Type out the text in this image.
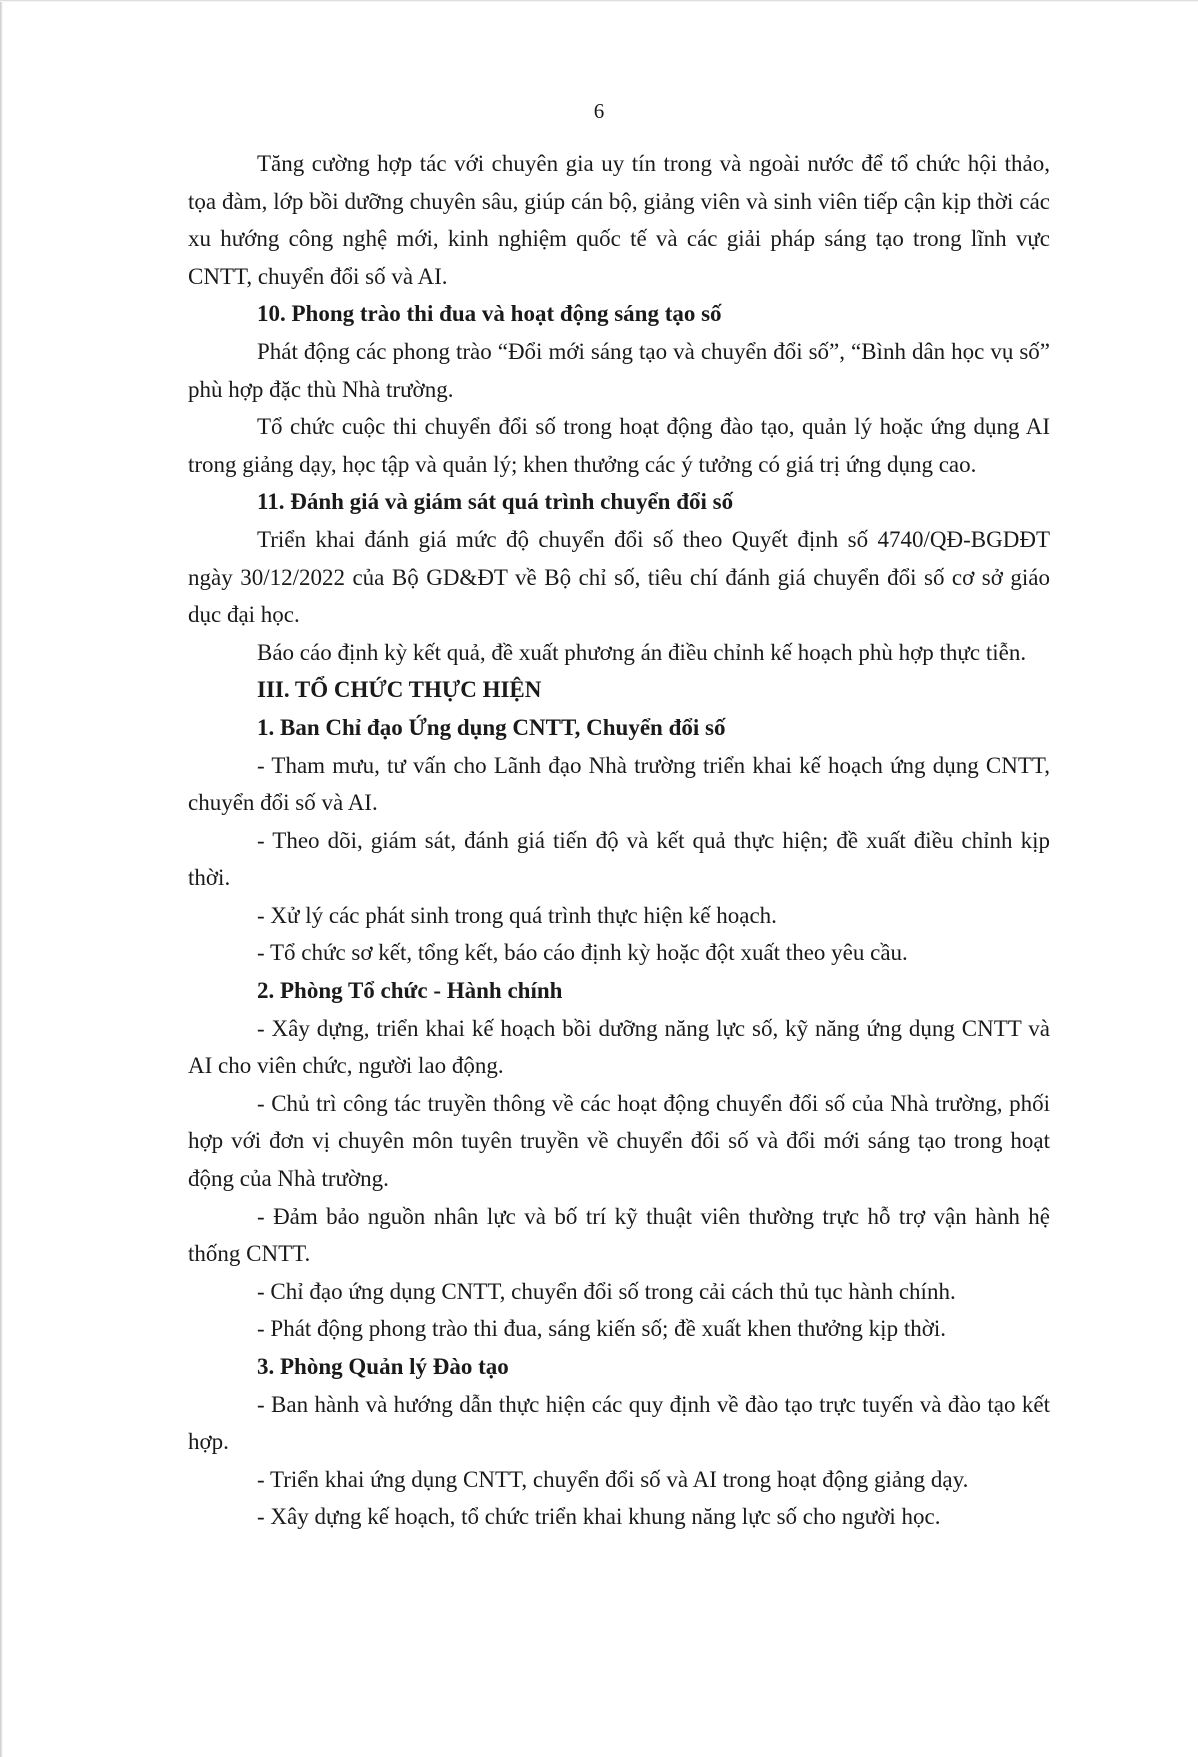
6

Tăng cường hợp tác với chuyên gia uy tín trong và ngoài nước để tổ chức hội thảo, tọa đàm, lớp bồi dưỡng chuyên sâu, giúp cán bộ, giảng viên và sinh viên tiếp cận kịp thời các xu hướng công nghệ mới, kinh nghiệm quốc tế và các giải pháp sáng tạo trong lĩnh vực CNTT, chuyển đổi số và AI.

10. Phong trào thi đua và hoạt động sáng tạo số

Phát động các phong trào “Đổi mới sáng tạo và chuyển đổi số”, “Bình dân học vụ số” phù hợp đặc thù Nhà trường.

Tổ chức cuộc thi chuyển đổi số trong hoạt động đào tạo, quản lý hoặc ứng dụng AI trong giảng dạy, học tập và quản lý; khen thưởng các ý tưởng có giá trị ứng dụng cao.

11. Đánh giá và giám sát quá trình chuyển đổi số

Triển khai đánh giá mức độ chuyển đổi số theo Quyết định số 4740/QĐ-BGDĐT ngày 30/12/2022 của Bộ GD&ĐT về Bộ chỉ số, tiêu chí đánh giá chuyển đổi số cơ sở giáo dục đại học.

Báo cáo định kỳ kết quả, đề xuất phương án điều chỉnh kế hoạch phù hợp thực tiễn.

III. TỔ CHỨC THỰC HIỆN

1. Ban Chỉ đạo Ứng dụng CNTT, Chuyển đổi số

- Tham mưu, tư vấn cho Lãnh đạo Nhà trường triển khai kế hoạch ứng dụng CNTT, chuyển đổi số và AI.

- Theo dõi, giám sát, đánh giá tiến độ và kết quả thực hiện; đề xuất điều chỉnh kịp thời.

- Xử lý các phát sinh trong quá trình thực hiện kế hoạch.

- Tổ chức sơ kết, tổng kết, báo cáo định kỳ hoặc đột xuất theo yêu cầu.

2. Phòng Tổ chức - Hành chính

- Xây dựng, triển khai kế hoạch bồi dưỡng năng lực số, kỹ năng ứng dụng CNTT và AI cho viên chức, người lao động.

- Chủ trì công tác truyền thông về các hoạt động chuyển đổi số của Nhà trường, phối hợp với đơn vị chuyên môn tuyên truyền về chuyển đổi số và đổi mới sáng tạo trong hoạt động của Nhà trường.

- Đảm bảo nguồn nhân lực và bố trí kỹ thuật viên thường trực hỗ trợ vận hành hệ thống CNTT.

- Chỉ đạo ứng dụng CNTT, chuyển đổi số trong cải cách thủ tục hành chính.

- Phát động phong trào thi đua, sáng kiến số; đề xuất khen thưởng kịp thời.

3. Phòng Quản lý Đào tạo

- Ban hành và hướng dẫn thực hiện các quy định về đào tạo trực tuyến và đào tạo kết hợp.

- Triển khai ứng dụng CNTT, chuyển đổi số và AI trong hoạt động giảng dạy.

- Xây dựng kế hoạch, tổ chức triển khai khung năng lực số cho người học.
